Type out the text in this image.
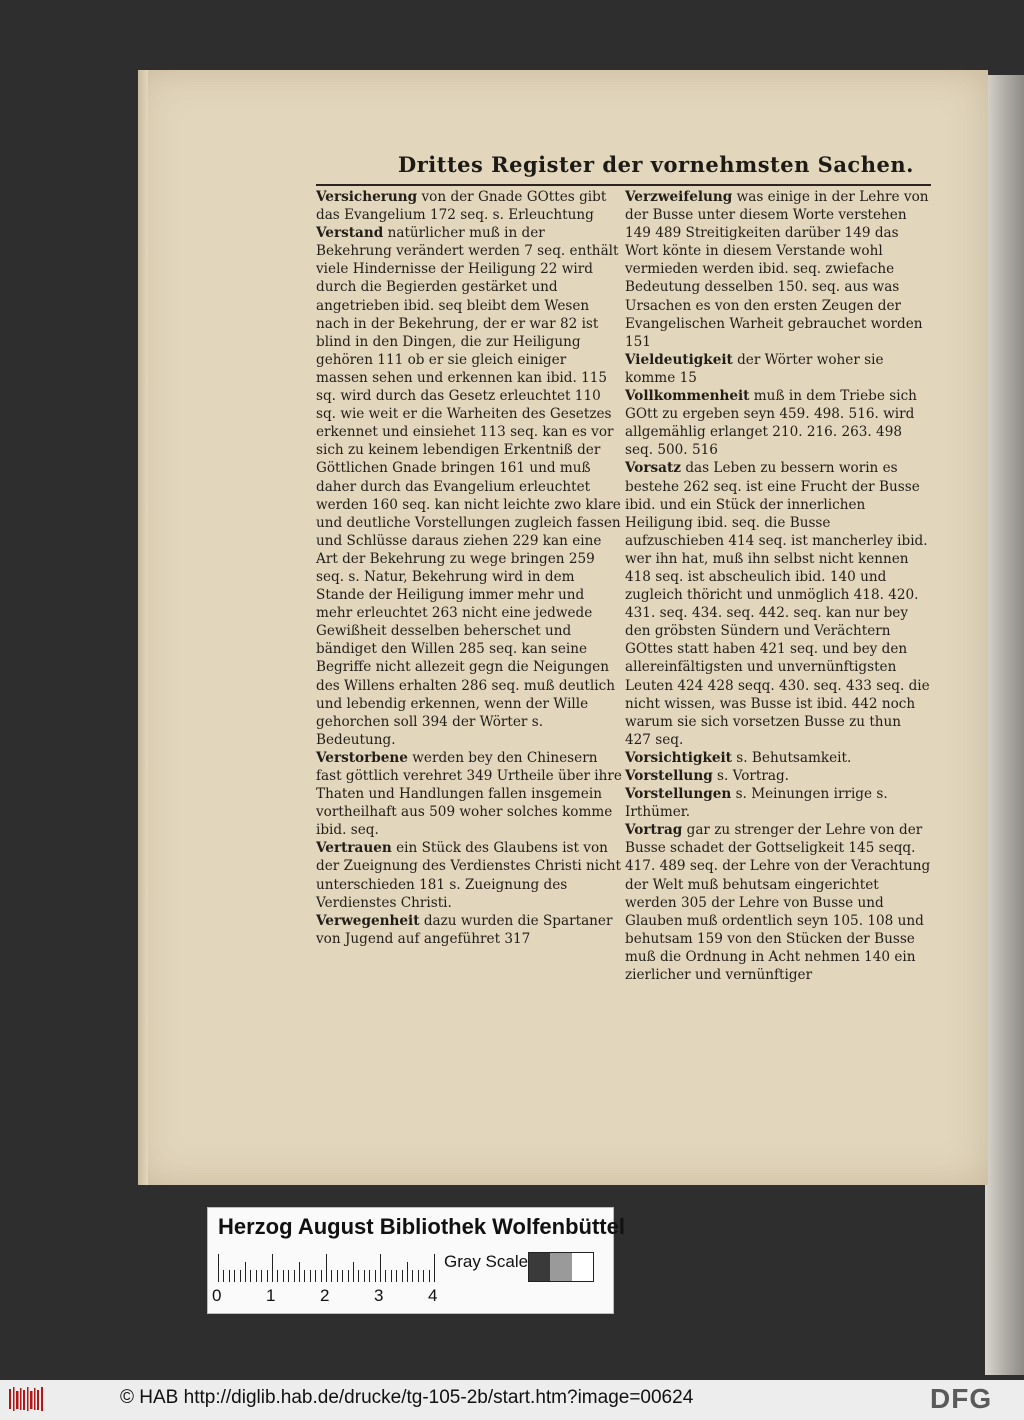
Drittes Register der vornehmsten Sachen.

Versicherung von der Gnade GOttes gibt das Evangelium 172 seq. s. Erleuchtung

Verstand natürlicher muß in der Bekehrung verändert werden 7 seq. enthält viele Hindernisse der Heiligung 22 wird durch die Begierden gestärket und angetrieben ibid. seq bleibt dem Wesen nach in der Bekehrung, der er war 82 ist blind in den Dingen, die zur Heiligung gehören 111 ob er sie gleich einiger massen sehen und erkennen kan ibid. 115 sq. wird durch das Gesetz erleuchtet 110 sq. wie weit er die Warheiten des Gesetzes erkennet und einsiehet 113 seq. kan es vor sich zu keinem lebendigen Erkentniß der Göttlichen Gnade bringen 161 und muß daher durch das Evangelium erleuchtet werden 160 seq. kan nicht leichte zwo klare und deutliche Vorstellungen zugleich fassen und Schlüsse daraus ziehen 229 kan eine Art der Bekehrung zu wege bringen 259 seq. s. Natur, Bekehrung wird in dem Stande der Heiligung immer mehr und mehr erleuchtet 263 nicht eine jedwede Gewißheit desselben beherschet und bändiget den Willen 285 seq. kan seine Begriffe nicht allezeit gegn die Neigungen des Willens erhalten 286 seq. muß deutlich und lebendig erkennen, wenn der Wille gehorchen soll 394 der Wörter s. Bedeutung.

Verstorbene werden bey den Chinesern fast göttlich verehret 349 Urtheile über ihre Thaten und Handlungen fallen insgemein vortheilhaft aus 509 woher solches komme ibid. seq.

Vertrauen ein Stück des Glaubens ist von der Zueignung des Verdienstes Christi nicht unterschieden 181 s. Zueignung des Verdienstes Christi.

Verwegenheit dazu wurden die Spartaner von Jugend auf angeführet 317

Verzweifelung was einige in der Lehre von der Busse unter diesem Worte verstehen 149 489 Streitigkeiten darüber 149 das Wort könte in diesem Verstande wohl vermieden werden ibid. seq. zwiefache Bedeutung desselben 150. seq. aus was Ursachen es von den ersten Zeugen der Evangelischen Warheit gebrauchet worden 151

Vieldeutigkeit der Wörter woher sie komme 15

Vollkommenheit muß in dem Triebe sich GOtt zu ergeben seyn 459. 498. 516. wird allgemählig erlanget 210. 216. 263. 498 seq. 500. 516

Vorsatz das Leben zu bessern worin es bestehe 262 seq. ist eine Frucht der Busse ibid. und ein Stück der innerlichen Heiligung ibid. seq. die Busse aufzuschieben 414 seq. ist mancherley ibid. wer ihn hat, muß ihn selbst nicht kennen 418 seq. ist abscheulich ibid. 140 und zugleich thöricht und unmöglich 418. 420. 431. seq. 434. seq. 442. seq. kan nur bey den gröbsten Sündern und Verächtern GOttes statt haben 421 seq. und bey den allereinfältigsten und unvernünftigsten Leuten 424 428 seqq. 430. seq. 433 seq. die nicht wissen, was Busse ist ibid. 442 noch warum sie sich vorsetzen Busse zu thun 427 seq.

Vorsichtigkeit s. Behutsamkeit.

Vorstellung s. Vortrag.

Vorstellungen s. Meinungen irrige s. Irthümer.

Vortrag gar zu strenger der Lehre von der Busse schadet der Gottseligkeit 145 seqq. 417. 489 seq. der Lehre von der Verachtung der Welt muß behutsam eingerichtet werden 305 der Lehre von Busse und Glauben muß ordentlich seyn 105. 108 und behutsam 159 von den Stücken der Busse muß die Ordnung in Acht nehmen 140 ein zierlicher und vernünftiger

Herzog August Bibliothek Wolfenbüttel
0	1	2	3	4
Gray Scale
© HAB http://diglib.hab.de/drucke/tg-105-2b/start.htm?image=00624	DFG
